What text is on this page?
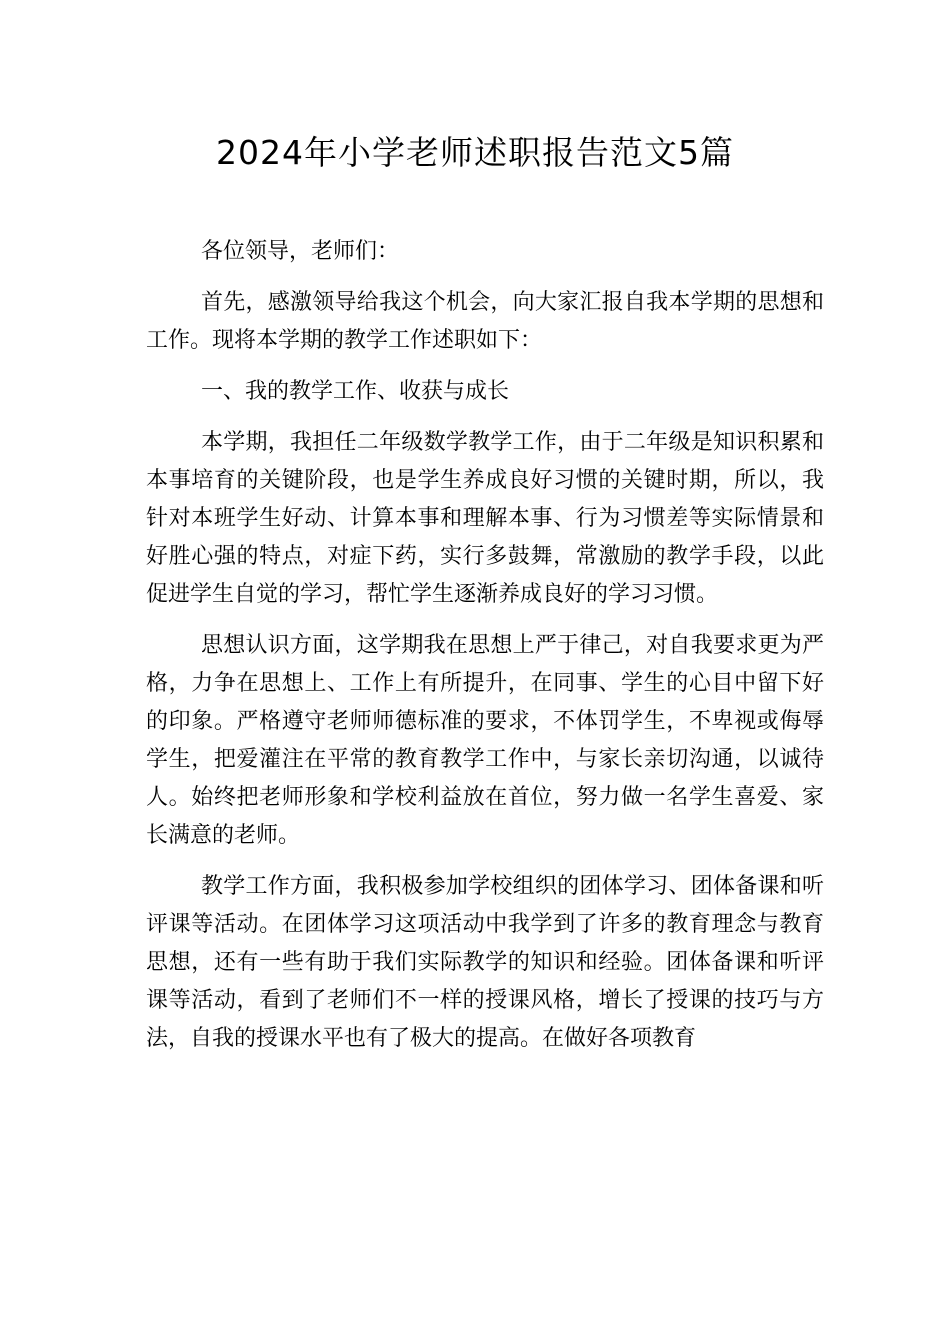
2024年小学老师述职报告范文5篇

各位领导，老师们：

首先，感激领导给我这个机会，向大家汇报自我本学期的思想和工作。现将本学期的教学工作述职如下：

一、我的教学工作、收获与成长

本学期，我担任二年级数学教学工作，由于二年级是知识积累和本事培育的关键阶段，也是学生养成良好习惯的关键时期，所以，我针对本班学生好动、计算本事和理解本事、行为习惯差等实际情景和好胜心强的特点，对症下药，实行多鼓舞，常激励的教学手段，以此促进学生自觉的学习，帮忙学生逐渐养成良好的学习习惯。

思想认识方面，这学期我在思想上严于律己，对自我要求更为严格，力争在思想上、工作上有所提升，在同事、学生的心目中留下好的印象。严格遵守老师师德标准的要求，不体罚学生，不卑视或侮辱学生，把爱灌注在平常的教育教学工作中，与家长亲切沟通，以诚待人。始终把老师形象和学校利益放在首位，努力做一名学生喜爱、家长满意的老师。

教学工作方面，我积极参加学校组织的团体学习、团体备课和听评课等活动。在团体学习这项活动中我学到了许多的教育理念与教育思想，还有一些有助于我们实际教学的知识和经验。团体备课和听评课等活动，看到了老师们不一样的授课风格，增长了授课的技巧与方法，自我的授课水平也有了极大的提高。在做好各项教育
